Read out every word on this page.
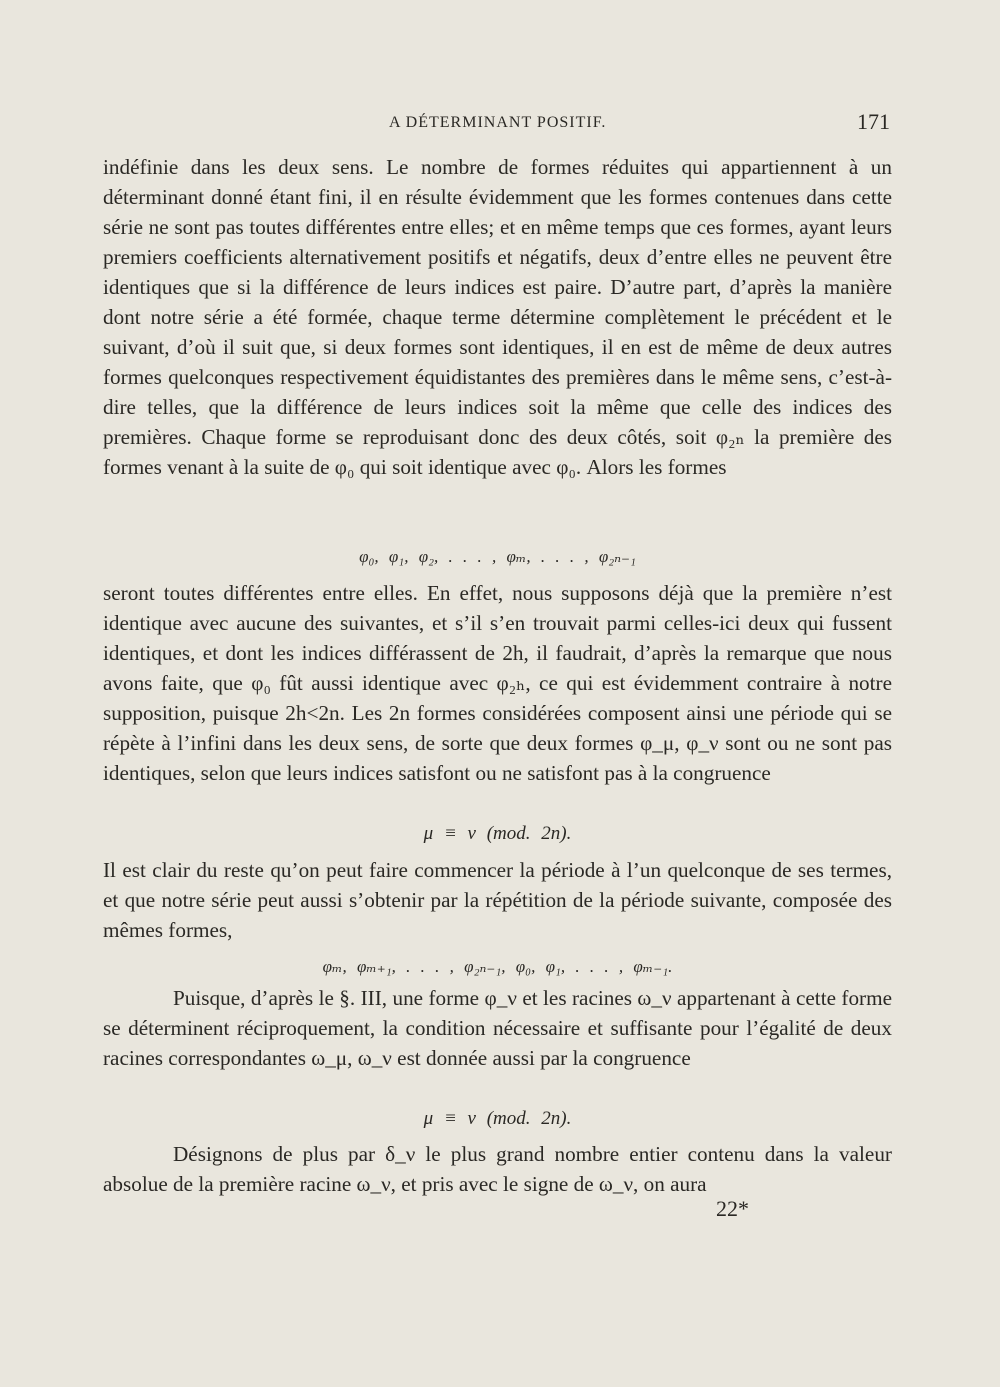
A DÉTERMINANT POSITIF.	171

indéfinie dans les deux sens. Le nombre de formes réduites qui appartiennent à un déterminant donné étant fini, il en résulte évidemment que les formes contenues dans cette série ne sont pas toutes différentes entre elles; et en même temps que ces formes, ayant leurs premiers coefficients alternativement positifs et négatifs, deux d’entre elles ne peuvent être identiques que si la différence de leurs indices est paire. D’autre part, d’après la manière dont notre série a été formée, chaque terme détermine complètement le précédent et le suivant, d’où il suit que, si deux formes sont identiques, il en est de même de deux autres formes quelconques respectivement équidistantes des premières dans le même sens, c’est-à-dire telles, que la différence de leurs indices soit la même que celle des indices des premières. Chaque forme se reproduisant donc des deux côtés, soit φ₂ₙ la première des formes venant à la suite de φ₀ qui soit identique avec φ₀. Alors les formes

φ₀, φ₁, φ₂, . . . , φₘ, . . . , φ₂ₙ₋₁

seront toutes différentes entre elles. En effet, nous supposons déjà que la première n’est identique avec aucune des suivantes, et s’il s’en trouvait parmi celles-ici deux qui fussent identiques, et dont les indices différassent de 2h, il faudrait, d’après la remarque que nous avons faite, que φ₀ fût aussi identique avec φ₂ₕ, ce qui est évidemment contraire à notre supposition, puisque 2h<2n. Les 2n formes considérées composent ainsi une période qui se répète à l’infini dans les deux sens, de sorte que deux formes φ_μ, φ_ν sont ou ne sont pas identiques, selon que leurs indices satisfont ou ne satisfont pas à la congruence

μ ≡ ν (mod. 2n).

Il est clair du reste qu’on peut faire commencer la période à l’un quelconque de ses termes, et que notre série peut aussi s’obtenir par la répétition de la période suivante, composée des mêmes formes,

φₘ, φₘ₊₁, . . . , φ₂ₙ₋₁, φ₀, φ₁, . . . , φₘ₋₁.

Puisque, d’après le §. III, une forme φ_ν et les racines ω_ν appartenant à cette forme se déterminent réciproquement, la condition nécessaire et suffisante pour l’égalité de deux racines correspondantes ω_μ, ω_ν est donnée aussi par la congruence

μ ≡ ν (mod. 2n).

Désignons de plus par δ_ν le plus grand nombre entier contenu dans la valeur absolue de la première racine ω_ν, et pris avec le signe de ω_ν, on aura

22*
